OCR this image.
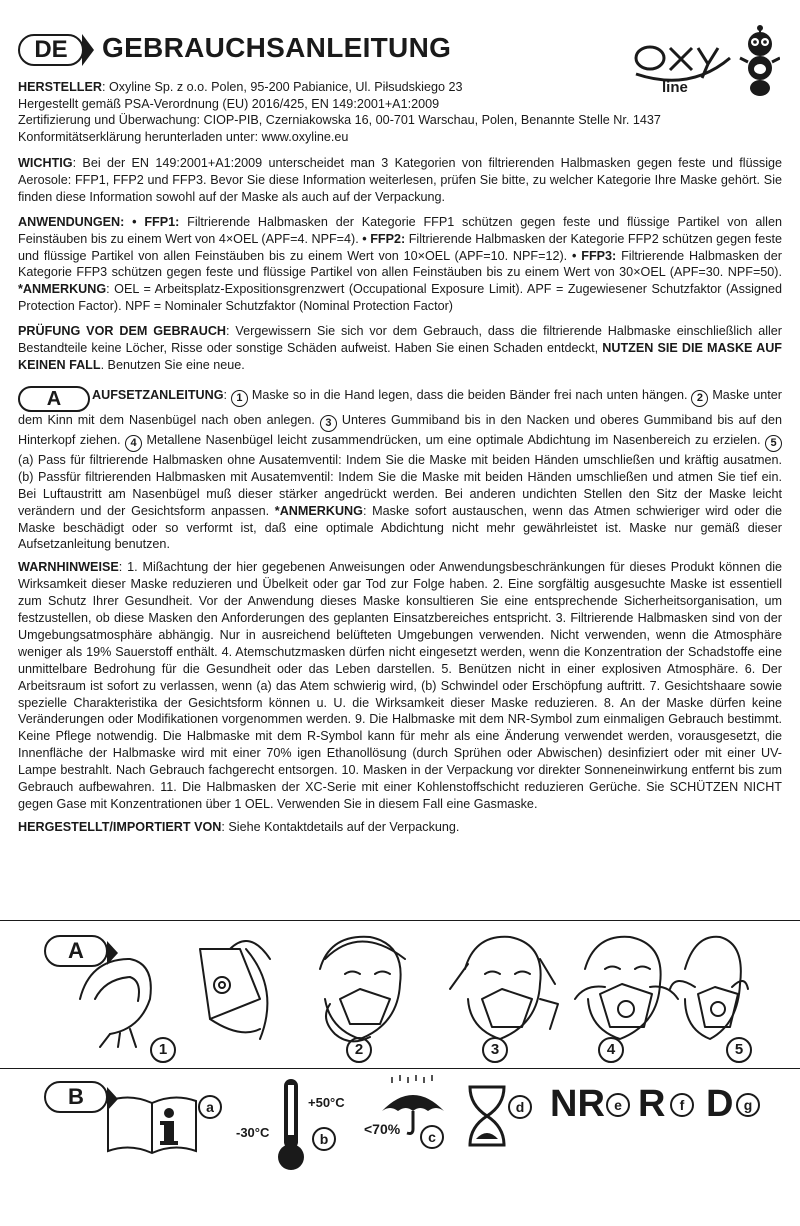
DE	GEBRAUCHSANLEITUNG	oxy
line
HERSTELLER: Oxyline Sp. z o.o. Polen, 95-200 Pabianice, Ul. Piłsudskiego 23
Hergestellt gemäß PSA-Verordnung (EU) 2016/425, EN 149:2001+A1:2009
Zertifizierung und Überwachung: CIOP-PIB, Czerniakowska 16, 00-701 Warschau, Polen, Benannte Stelle Nr. 1437
Konformitätserklärung herunterladen unter: www.oxyline.eu

WICHTIG: Bei der EN 149:2001+A1:2009 unterscheidet man 3 Kategorien von filtrierenden Halbmasken gegen feste und flüssige Aerosole: FFP1, FFP2 und FFP3. Bevor Sie diese Information weiterlesen, prüfen Sie bitte, zu welcher Kategorie Ihre Maske gehört. Sie finden diese Information sowohl auf der Maske als auch auf der Verpackung.

ANWENDUNGEN: • FFP1: Filtrierende Halbmasken der Kategorie FFP1 schützen gegen feste und flüssige Partikel von allen Feinstäuben bis zu einem Wert von 4×OEL (APF=4. NPF=4). • FFP2: Filtrierende Halbmasken der Kategorie FFP2 schützen gegen feste und flüssige Partikel von allen Feinstäuben bis zu einem Wert von 10×OEL (APF=10. NPF=12). • FFP3: Filtrierende Halbmasken der Kategorie FFP3 schützen gegen feste und flüssige Partikel von allen Feinstäuben bis zu einem Wert von 30×OEL (APF=30. NPF=50). *ANMERKUNG: OEL = Arbeitsplatz-Expositionsgrenzwert (Occupational Exposure Limit). APF = Zugewiesener Schutzfaktor (Assigned Protection Factor). NPF = Nominaler Schutzfaktor (Nominal Protection Factor)

PRÜFUNG VOR DEM GEBRAUCH: Vergewissern Sie sich vor dem Gebrauch, dass die filtrierende Halbmaske einschließlich aller Bestandteile keine Löcher, Risse oder sonstige Schäden aufweist. Haben Sie einen Schaden entdeckt, NUTZEN SIE DIE MASKE AUF KEINEN FALL. Benutzen Sie eine neue.

A AUFSETZANLEITUNG: 1 Maske so in die Hand legen, dass die beiden Bänder frei nach unten hängen. 2 Maske unter dem Kinn mit dem Nasenbügel nach oben anlegen. 3 Unteres Gummiband bis in den Nacken und oberes Gummiband bis auf den Hinterkopf ziehen. 4 Metallene Nasenbügel leicht zusammendrücken, um eine optimale Abdichtung im Nasenbereich zu erzielen. 5 (a) Pass für filtrierende Halbmasken ohne Ausatemventil: Indem Sie die Maske mit beiden Händen umschließen und kräftig ausatmen. (b) Passfür filtrierenden Halbmasken mit Ausatemventil: Indem Sie die Maske mit beiden Händen umschließen und atmen Sie tief ein. Bei Luftaustritt am Nasenbügel muß dieser stärker angedrückt werden. Bei anderen undichten Stellen den Sitz der Maske leicht verändern und der Gesichtsform anpassen. *ANMERKUNG: Maske sofort austauschen, wenn das Atmen schwieriger wird oder die Maske beschädigt oder so verformt ist, daß eine optimale Abdichtung nicht mehr gewährleistet ist. Maske nur gemäß dieser Aufsetzanleitung benutzen.

WARNHINWEISE: 1. Mißachtung der hier gegebenen Anweisungen oder Anwendungsbeschränkungen für dieses Produkt können die Wirksamkeit dieser Maske reduzieren und Übelkeit oder gar Tod zur Folge haben. 2. Eine sorgfältig ausgesuchte Maske ist essentiell zum Schutz Ihrer Gesundheit. Vor der Anwendung dieses Maske konsultieren Sie eine entsprechende Sicherheitsorganisation, um festzustellen, ob diese Masken den Anforderungen des geplanten Einsatzbereiches entspricht. 3. Filtrierende Halbmasken sind von der Umgebungsatmosphäre abhängig. Nur in ausreichend belüfteten Umgebungen verwenden. Nicht verwenden, wenn die Atmosphäre weniger als 19% Sauerstoff enthält. 4. Atemschutzmasken dürfen nicht eingesetzt werden, wenn die Konzentration der Schadstoffe eine unmittelbare Bedrohung für die Gesundheit oder das Leben darstellen. 5. Benützen nicht in einer explosiven Atmosphäre. 6. Der Arbeitsraum ist sofort zu verlassen, wenn (a) das Atem schwierig wird, (b) Schwindel oder Erschöpfung auftritt. 7. Gesichtshaare sowie spezielle Charakteristika der Gesichtsform können u. U. die Wirksamkeit dieser Maske reduzieren. 8. An der Maske dürfen keine Veränderungen oder Modifikationen vorgenommen werden. 9. Die Halbmaske mit dem NR-Symbol zum einmaligen Gebrauch bestimmt. Keine Pflege notwendig. Die Halbmaske mit dem R-Symbol kann für mehr als eine Änderung verwendet werden, vorausgesetzt, die Innenfläche der Halbmaske wird mit einer 70% igen Ethanollösung (durch Sprühen oder Abwischen) desinfiziert oder mit einer UV-Lampe bestrahlt. Nach Gebrauch fachgerecht entsorgen. 10. Masken in der Verpackung vor direkter Sonneneinwirkung entfernt bis zum Gebrauch aufbewahren. 11. Die Halbmasken der XC-Serie mit einer Kohlenstoffschicht reduzieren Gerüche. Sie SCHÜTZEN NICHT gegen Gase mit Konzentrationen über 1 OEL. Verwenden Sie in diesem Fall eine Gasmaske.

HERGESTELLT/IMPORTIERT VON: Siehe Kontaktdetails auf der Verpackung.

A
1	2	3	4	5
B	a	+50°C
-30°C	b
<70%	c
d NR e R	f D g
